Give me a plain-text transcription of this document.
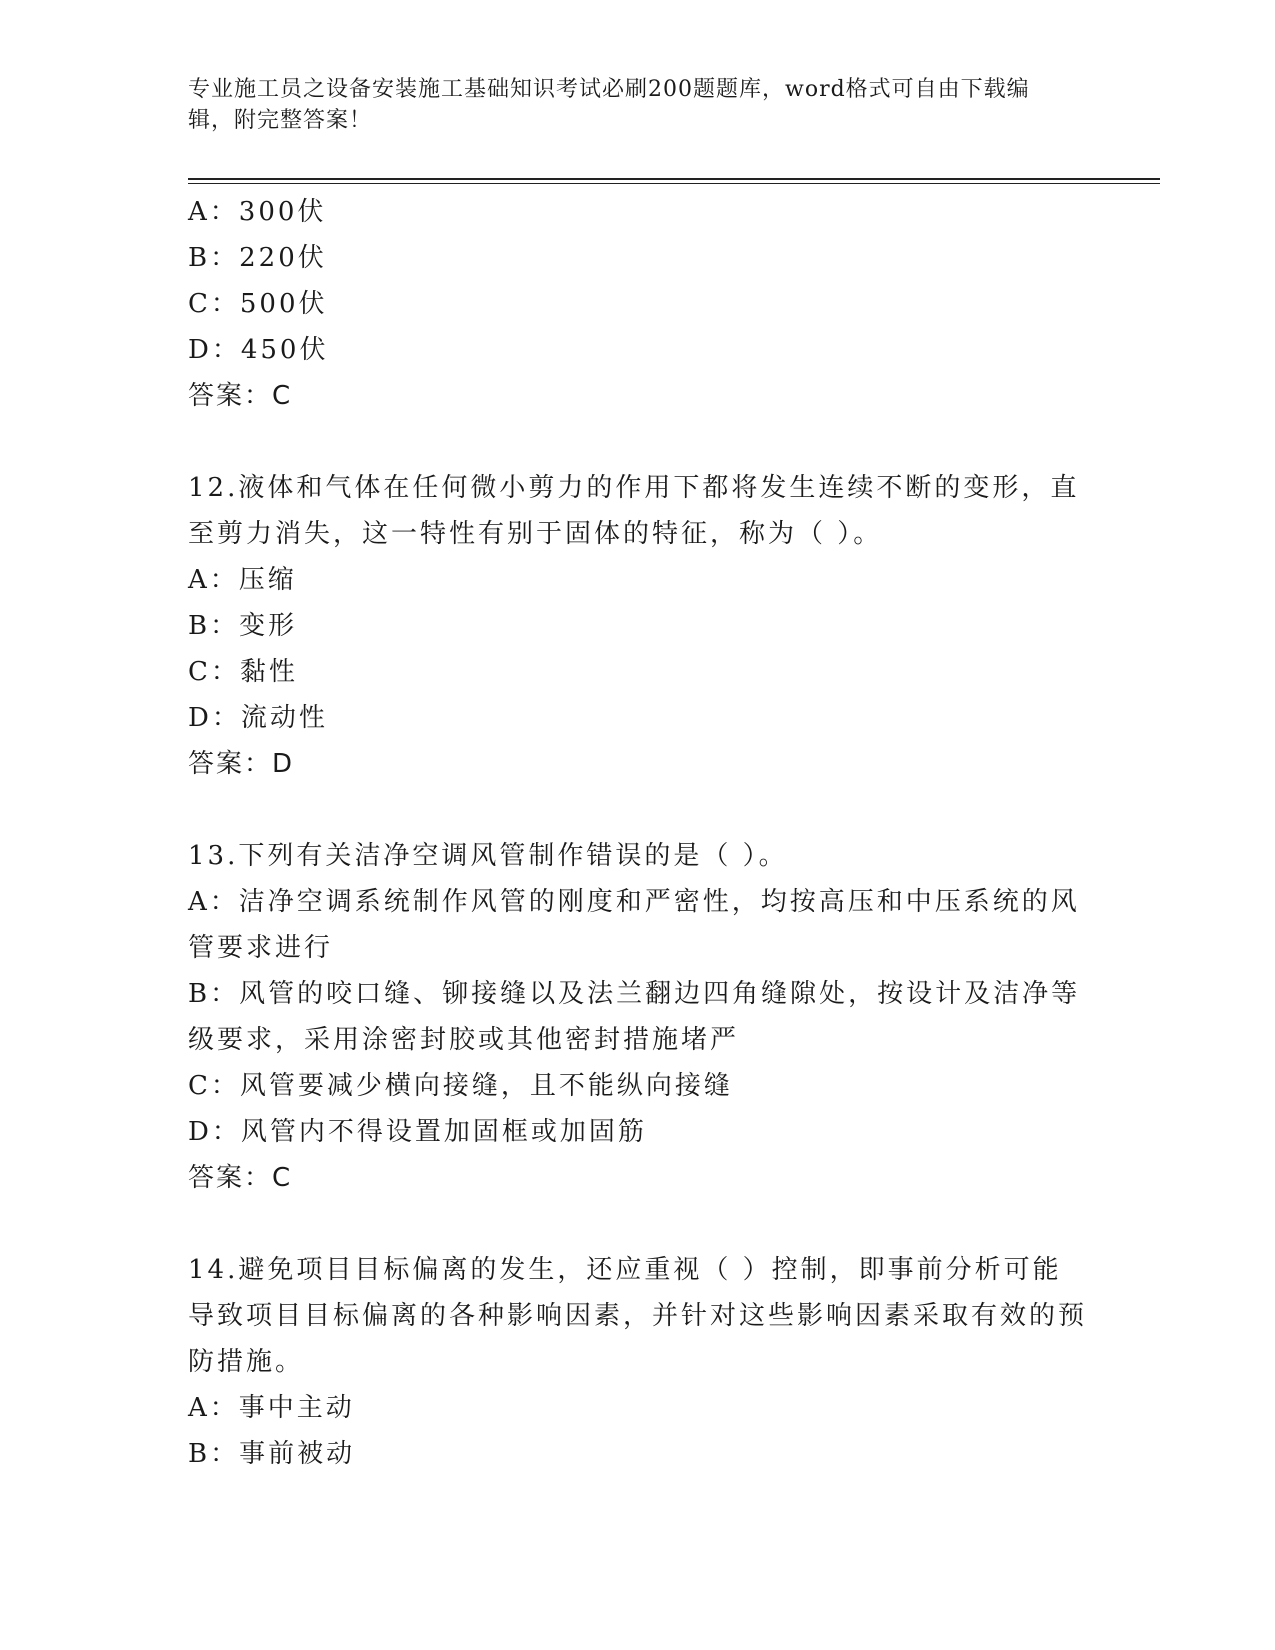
专业施工员之设备安装施工基础知识考试必刷200题题库，word格式可自由下载编辑，附完整答案！
A：300伏
B：220伏
C：500伏
D：450伏
答案：C
12.液体和气体在任何微小剪力的作用下都将发生连续不断的变形，直至剪力消失，这一特性有别于固体的特征，称为（ ）。
A：压缩
B：变形
C：黏性
D：流动性
答案：D
13.下列有关洁净空调风管制作错误的是（ ）。
A：洁净空调系统制作风管的刚度和严密性，均按高压和中压系统的风管要求进行
B：风管的咬口缝、铆接缝以及法兰翻边四角缝隙处，按设计及洁净等级要求，采用涂密封胶或其他密封措施堵严
C：风管要减少横向接缝，且不能纵向接缝
D：风管内不得设置加固框或加固筋
答案：C
14.避免项目目标偏离的发生，还应重视（ ）控制，即事前分析可能导致项目目标偏离的各种影响因素，并针对这些影响因素采取有效的预防措施。
A：事中主动
B：事前被动
